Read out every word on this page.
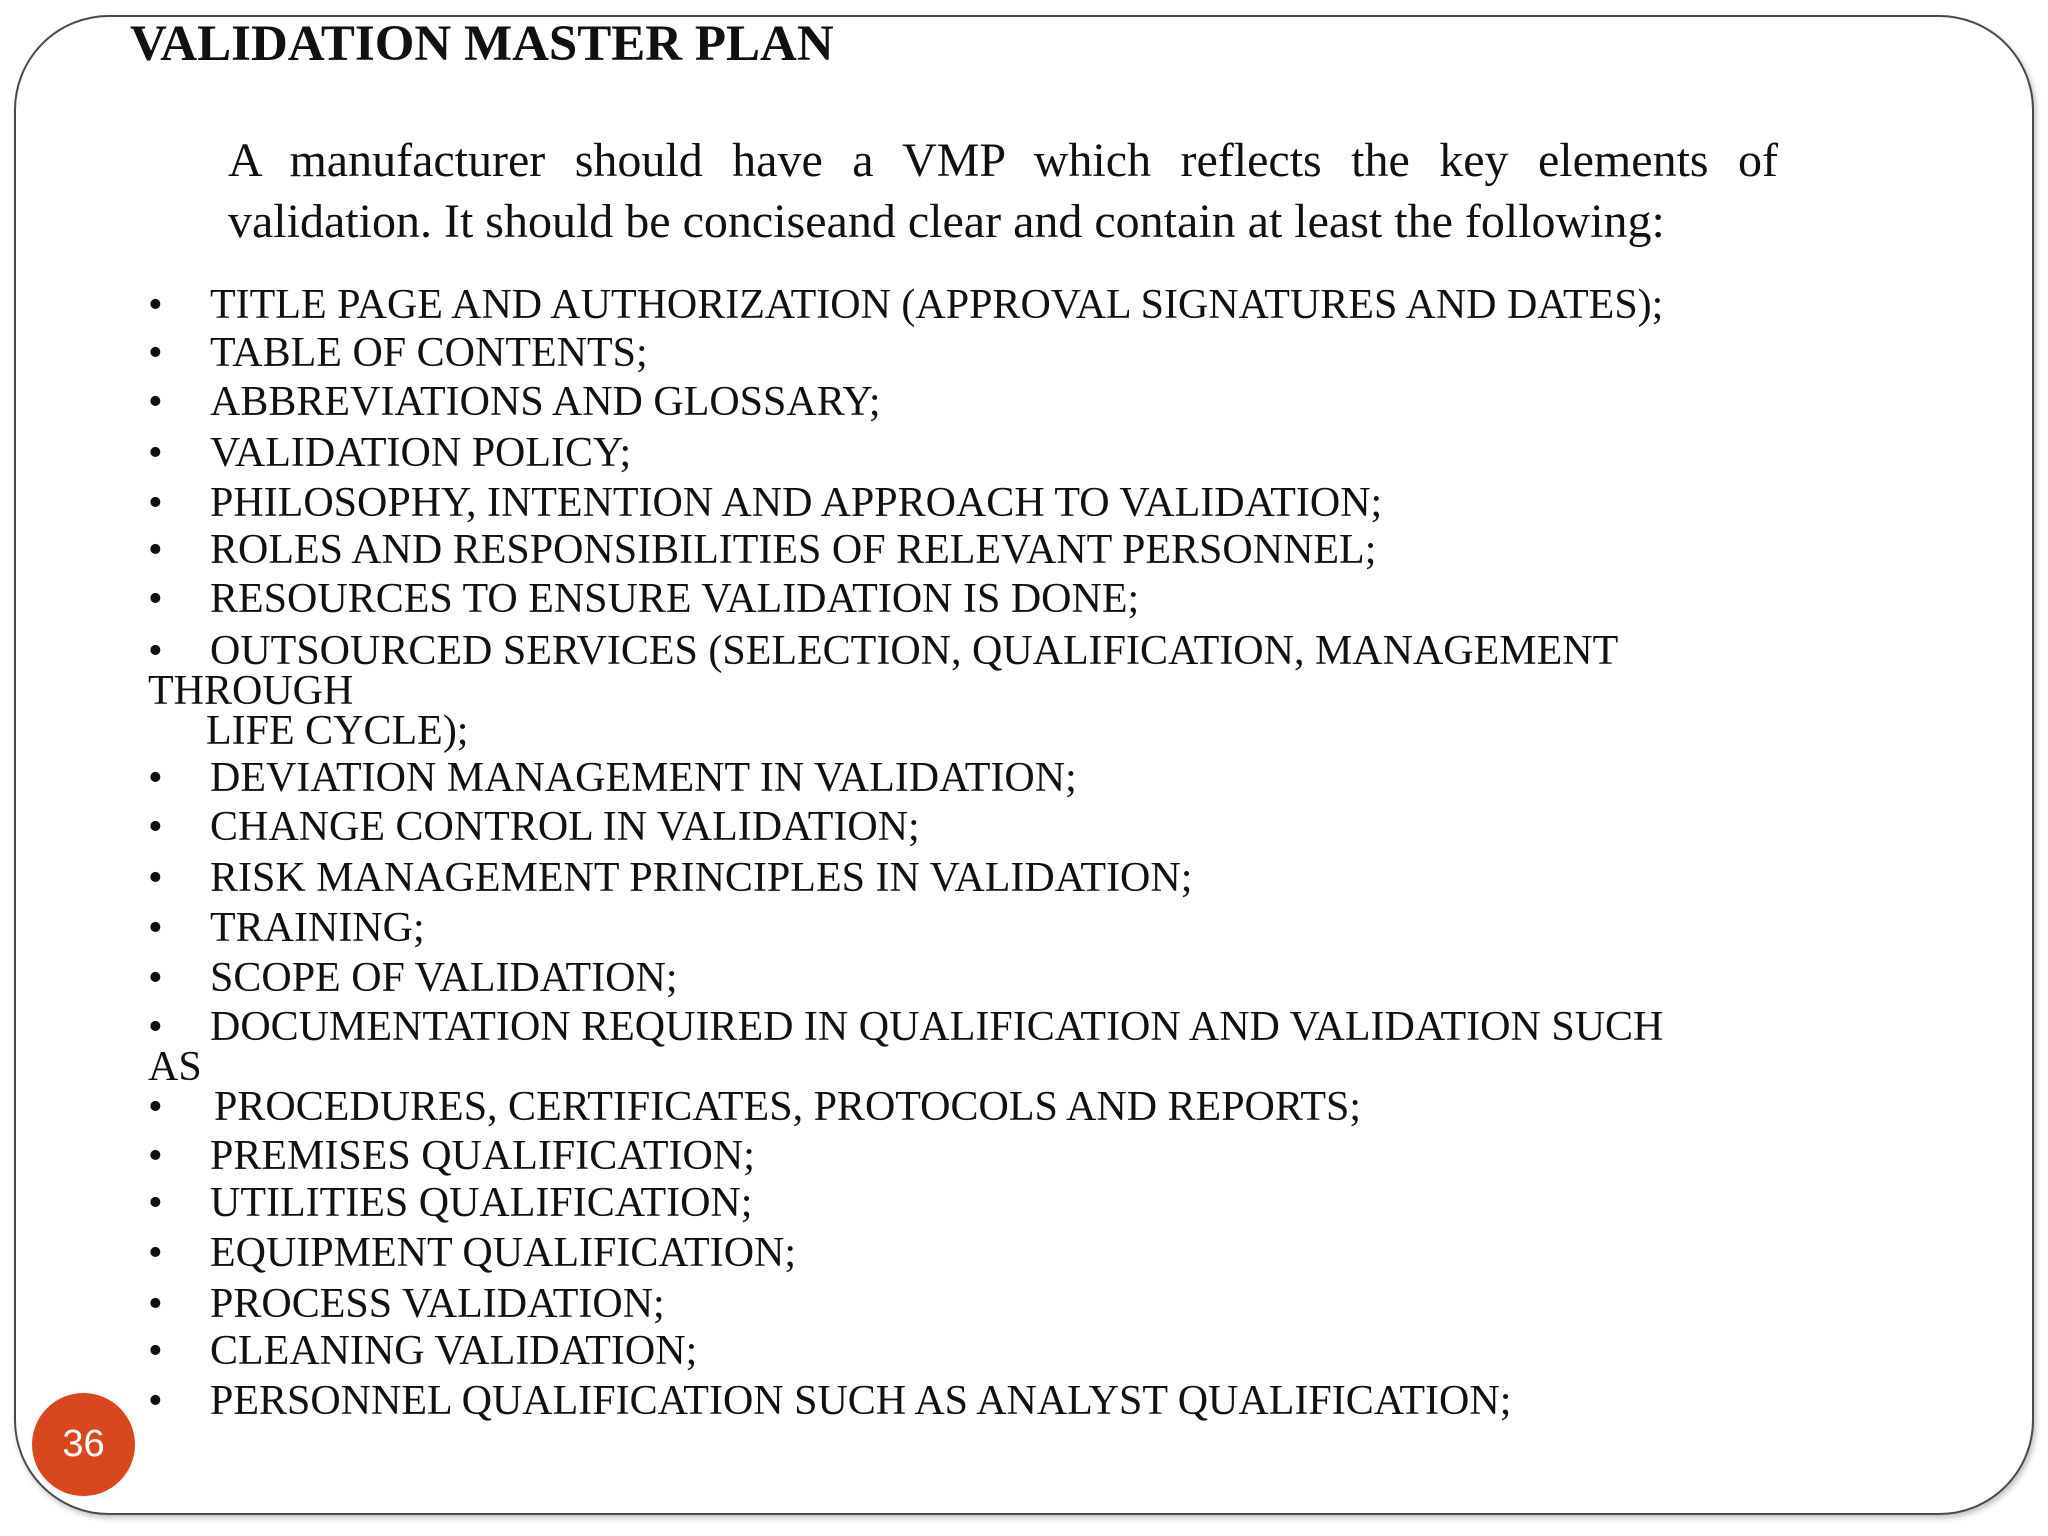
VALIDATION MASTER PLAN

A manufacturer should have a VMP which reflects the key elements of validation. It should be conciseand clear and contain at least the following:

• TITLE PAGE AND AUTHORIZATION (APPROVAL SIGNATURES AND DATES);

• TABLE OF CONTENTS;

• ABBREVIATIONS AND GLOSSARY;

• VALIDATION POLICY;

• PHILOSOPHY, INTENTION AND APPROACH TO VALIDATION;

• ROLES AND RESPONSIBILITIES OF RELEVANT PERSONNEL;

• RESOURCES TO ENSURE VALIDATION IS DONE;

• OUTSOURCED SERVICES (SELECTION, QUALIFICATION, MANAGEMENT

THROUGH

LIFE CYCLE);

• DEVIATION MANAGEMENT IN VALIDATION;

• CHANGE CONTROL IN VALIDATION;

• RISK MANAGEMENT PRINCIPLES IN VALIDATION;

• TRAINING;

• SCOPE OF VALIDATION;

• DOCUMENTATION REQUIRED IN QUALIFICATION AND VALIDATION SUCH

AS

• PROCEDURES, CERTIFICATES, PROTOCOLS AND REPORTS;

• PREMISES QUALIFICATION;

• UTILITIES QUALIFICATION;

• EQUIPMENT QUALIFICATION;

• PROCESS VALIDATION;

• CLEANING VALIDATION;

• PERSONNEL QUALIFICATION SUCH AS ANALYST QUALIFICATION;

36
